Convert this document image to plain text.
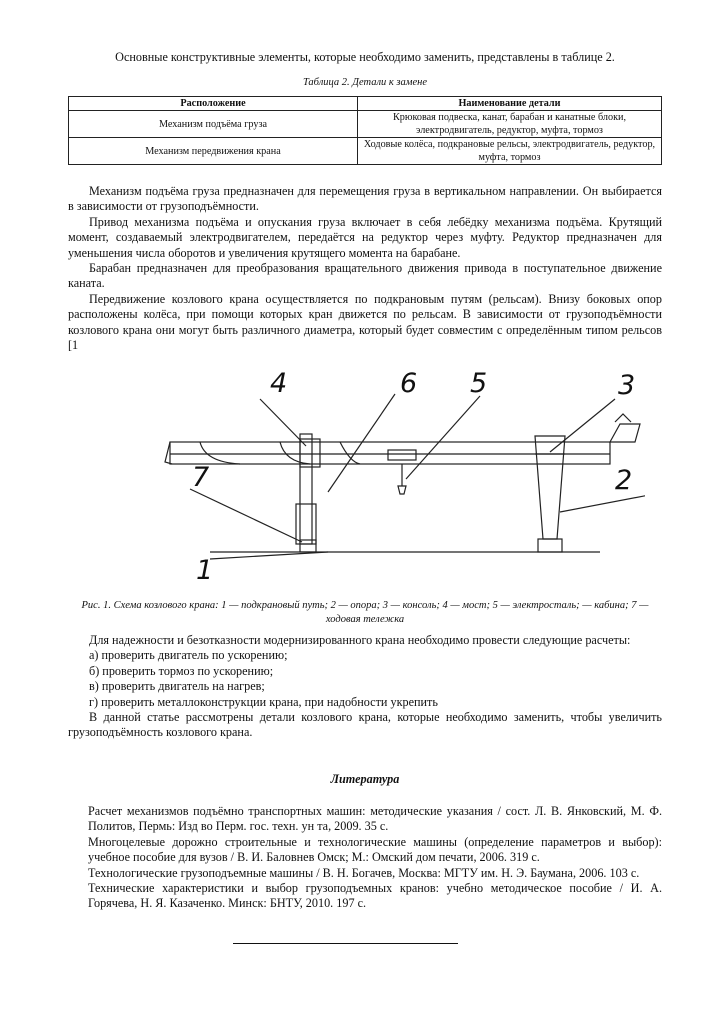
Основные конструктивные элементы, которые необходимо заменить, представлены в таблице 2.

Таблица 2. Детали к замене
Расположение	Наименование детали
Механизм подъёма груза	Крюковая подвеска, канат, барабан и канатные блоки, электродвигатель, редуктор, муфта, тормоз
Механизм передвижения крана	Ходовые колёса, подкрановые рельсы, электродвигатель, редуктор, муфта, тормоз

Механизм подъёма груза предназначен для перемещения груза в вертикальном направлении. Он выбирается в зависимости от грузоподъёмности.

Привод механизма подъёма и опускания груза включает в себя лебёдку механизма подъёма. Крутящий момент, создаваемый электродвигателем, передаётся на редуктор через муфту. Редуктор предназначен для уменьшения числа оборотов и увеличения крутящего момента на барабане.

Барабан предназначен для преобразования вращательного движения привода в поступательное движение каната.

Передвижение козлового крана осуществляется по подкрановым путям (рельсам). Внизу боковых опор расположены колёса, при помощи которых кран движется по рельсам. В зависимости от грузоподъёмности козлового крана они могут быть различного диаметра, который будет совместим с определённым типом рельсов [1

4	6 5	3
7	2
1
Рис. 1. Схема козлового крана: 1 — подкрановый путь; 2 — опора; 3 — консоль; 4 — мост; 5 — электросталь; — кабина; 7 — ходовая тележка

Для надежности и безотказности модернизированного крана необходимо провести следующие расчеты:

а) проверить двигатель по ускорению;

б) проверить тормоз по ускорению;

в) проверить двигатель на нагрев;

г) проверить металлоконструкции крана, при надобности укрепить

В данной статье рассмотрены детали козлового крана, которые необходимо заменить, чтобы увеличить грузоподъёмность козлового крана.

Литература

Расчет механизмов подъёмно транспортных машин: методические указания / сост. Л. В. Янковский, М. Ф. Политов, Пермь: Изд во Перм. гос. техн. ун та, 2009. 35 с.

Многоцелевые дорожно строительные и технологические машины (определение параметров и выбор): учебное пособие для вузов / В. И. Баловнев Омск; М.: Омский дом печати, 2006. 319 с.

Технологические грузоподъемные машины / В. Н. Богачев, Москва: МГТУ им. Н. Э. Баумана, 2006. 103 с.

Технические характеристики и выбор грузоподъемных кранов: учебно методическое пособие / И. А. Горячева, Н. Я. Казаченко. Минск: БНТУ, 2010. 197 с.
